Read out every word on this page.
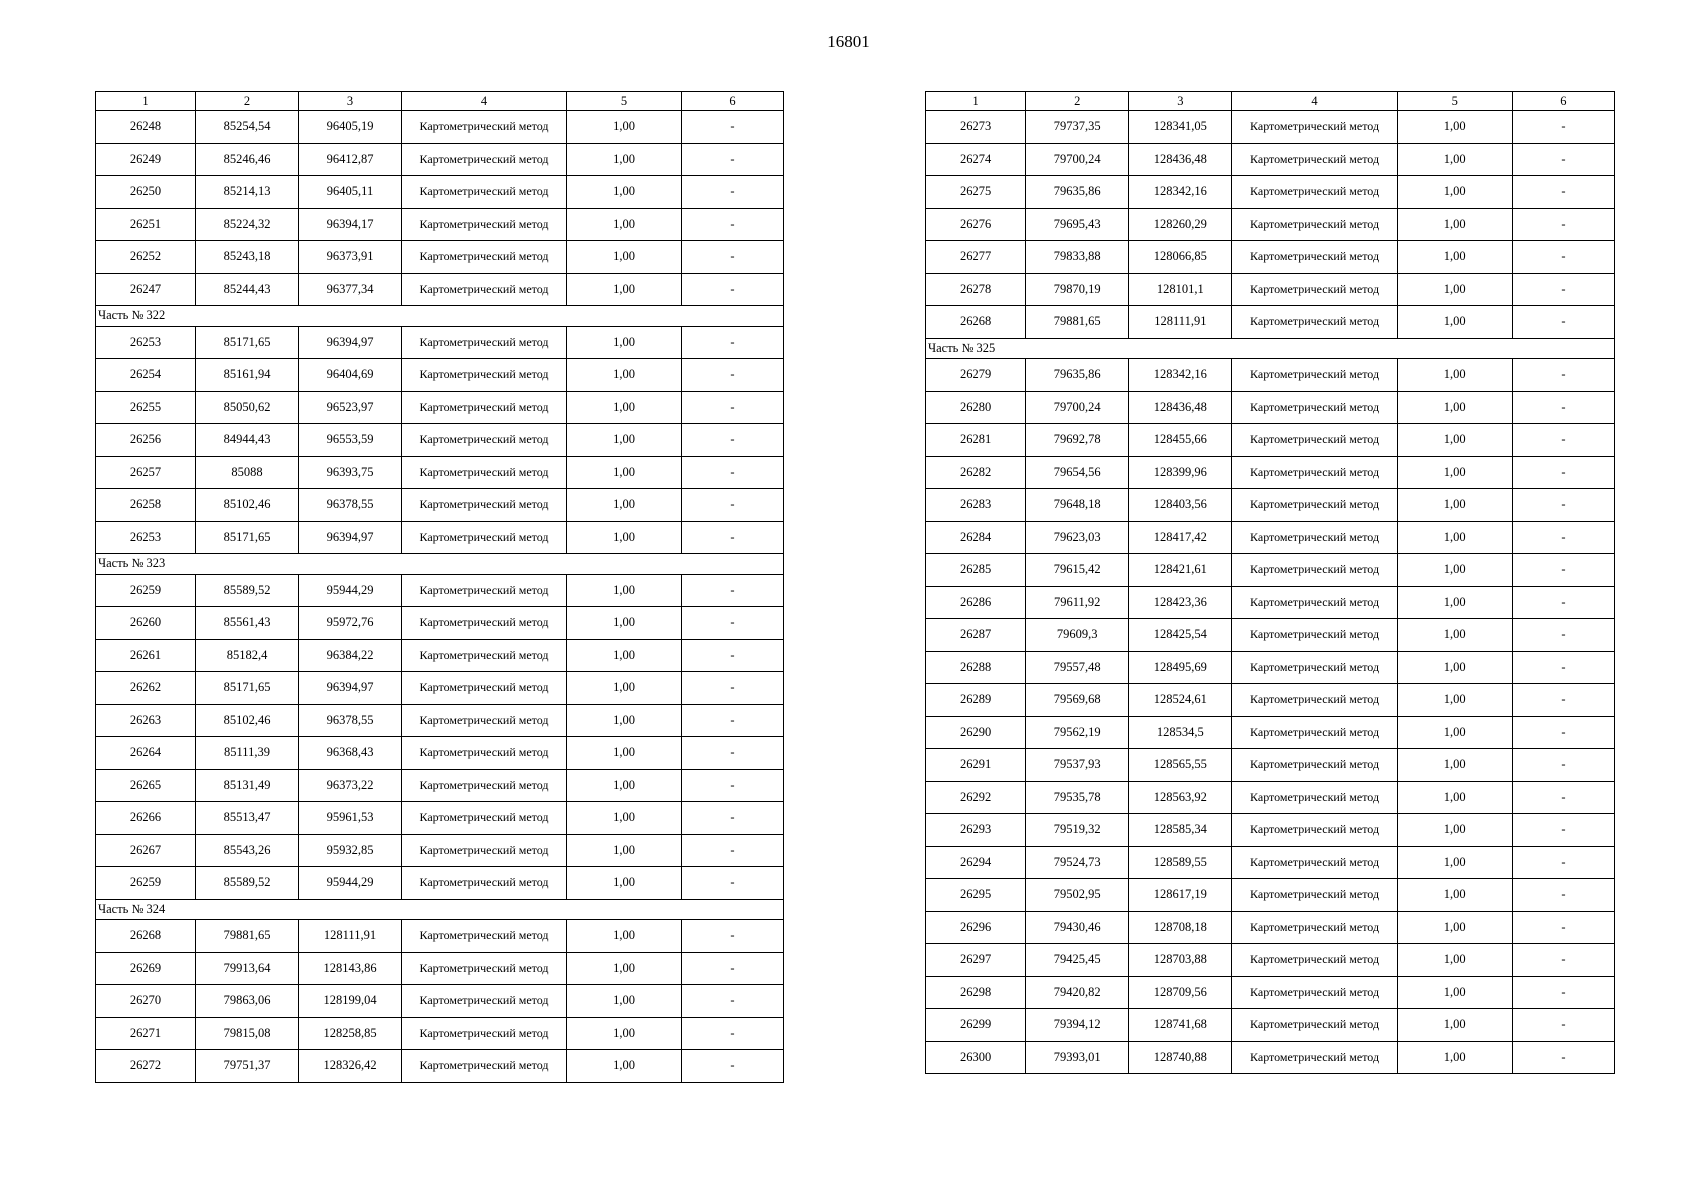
16801
1	2	3	4	5	6
26248	85254,54	96405,19	Картометрический метод	1,00	-
26249	85246,46	96412,87	Картометрический метод	1,00	-
26250	85214,13	96405,11	Картометрический метод	1,00	-
26251	85224,32	96394,17	Картометрический метод	1,00	-
26252	85243,18	96373,91	Картометрический метод	1,00	-
26247	85244,43	96377,34	Картометрический метод	1,00	-
Часть № 322					
26253	85171,65	96394,97	Картометрический метод	1,00	-
26254	85161,94	96404,69	Картометрический метод	1,00	-
26255	85050,62	96523,97	Картометрический метод	1,00	-
26256	84944,43	96553,59	Картометрический метод	1,00	-
26257	85088	96393,75	Картометрический метод	1,00	-
26258	85102,46	96378,55	Картометрический метод	1,00	-
26253	85171,65	96394,97	Картометрический метод	1,00	-
Часть № 323					
26259	85589,52	95944,29	Картометрический метод	1,00	-
26260	85561,43	95972,76	Картометрический метод	1,00	-
26261	85182,4	96384,22	Картометрический метод	1,00	-
26262	85171,65	96394,97	Картометрический метод	1,00	-
26263	85102,46	96378,55	Картометрический метод	1,00	-
26264	85111,39	96368,43	Картометрический метод	1,00	-
26265	85131,49	96373,22	Картометрический метод	1,00	-
26266	85513,47	95961,53	Картометрический метод	1,00	-
26267	85543,26	95932,85	Картометрический метод	1,00	-
26259	85589,52	95944,29	Картометрический метод	1,00	-
Часть № 324					
26268	79881,65	128111,91	Картометрический метод	1,00	-
26269	79913,64	128143,86	Картометрический метод	1,00	-
26270	79863,06	128199,04	Картометрический метод	1,00	-
26271	79815,08	128258,85	Картометрический метод	1,00	-
26272	79751,37	128326,42	Картометрический метод	1,00	-
1	2	3	4	5	6
26273	79737,35	128341,05	Картометрический метод	1,00	-
26274	79700,24	128436,48	Картометрический метод	1,00	-
26275	79635,86	128342,16	Картометрический метод	1,00	-
26276	79695,43	128260,29	Картометрический метод	1,00	-
26277	79833,88	128066,85	Картометрический метод	1,00	-
26278	79870,19	128101,1	Картометрический метод	1,00	-
26268	79881,65	128111,91	Картометрический метод	1,00	-
Часть № 325					
26279	79635,86	128342,16	Картометрический метод	1,00	-
26280	79700,24	128436,48	Картометрический метод	1,00	-
26281	79692,78	128455,66	Картометрический метод	1,00	-
26282	79654,56	128399,96	Картометрический метод	1,00	-
26283	79648,18	128403,56	Картометрический метод	1,00	-
26284	79623,03	128417,42	Картометрический метод	1,00	-
26285	79615,42	128421,61	Картометрический метод	1,00	-
26286	79611,92	128423,36	Картометрический метод	1,00	-
26287	79609,3	128425,54	Картометрический метод	1,00	-
26288	79557,48	128495,69	Картометрический метод	1,00	-
26289	79569,68	128524,61	Картометрический метод	1,00	-
26290	79562,19	128534,5	Картометрический метод	1,00	-
26291	79537,93	128565,55	Картометрический метод	1,00	-
26292	79535,78	128563,92	Картометрический метод	1,00	-
26293	79519,32	128585,34	Картометрический метод	1,00	-
26294	79524,73	128589,55	Картометрический метод	1,00	-
26295	79502,95	128617,19	Картометрический метод	1,00	-
26296	79430,46	128708,18	Картометрический метод	1,00	-
26297	79425,45	128703,88	Картометрический метод	1,00	-
26298	79420,82	128709,56	Картометрический метод	1,00	-
26299	79394,12	128741,68	Картометрический метод	1,00	-
26300	79393,01	128740,88	Картометрический метод	1,00	-
